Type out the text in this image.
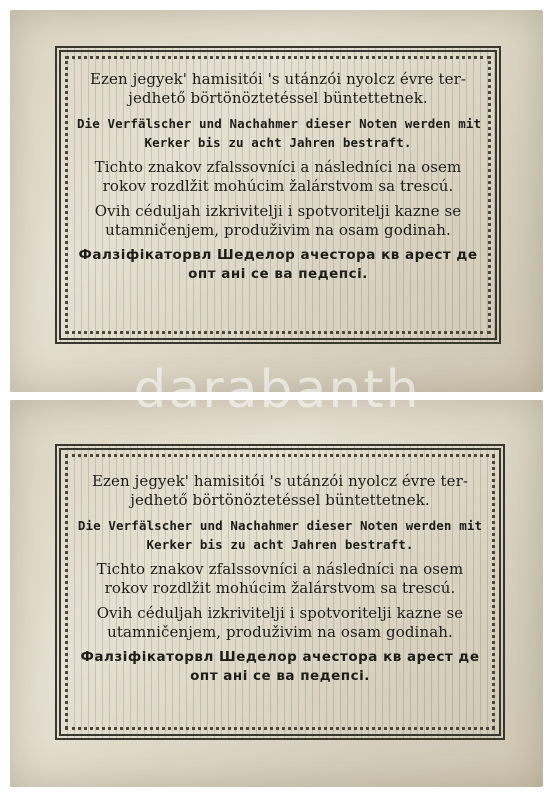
Ezen jegyek' hamisitói 's utánzói nyolcz évre ter-
jedhető börtönöztetéssel büntettetnek.
Die Verfälscher und Nachahmer dieser Noten werden mit
Kerker bis zu acht Jahren bestraft.
Tichto znakov zfalssovníci a následníci na osem
rokov rozdlžit mohúcim žalárstvom sa trescú.
Ovih céduljah izkrivitelji i spotvoritelji kazne se
utamničenjem, produživim na osam godinah.
Фалзіфікаторвл Шеделор ачестора кв арест де
опт ані се ва педепсі.
Ezen jegyek' hamisitói 's utánzói nyolcz évre ter-
jedhető börtönöztetéssel büntettetnek.
Die Verfälscher und Nachahmer dieser Noten werden mit
Kerker bis zu acht Jahren bestraft.
Tichto znakov zfalssovníci a následníci na osem
rokov rozdlžit mohúcim žalárstvom sa trescú.
Ovih céduljah izkrivitelji i spotvoritelji kazne se
utamničenjem, produživim na osam godinah.
Фалзіфікаторвл Шеделор ачестора кв арест де
опт ані се ва педепсі.
darabanth
